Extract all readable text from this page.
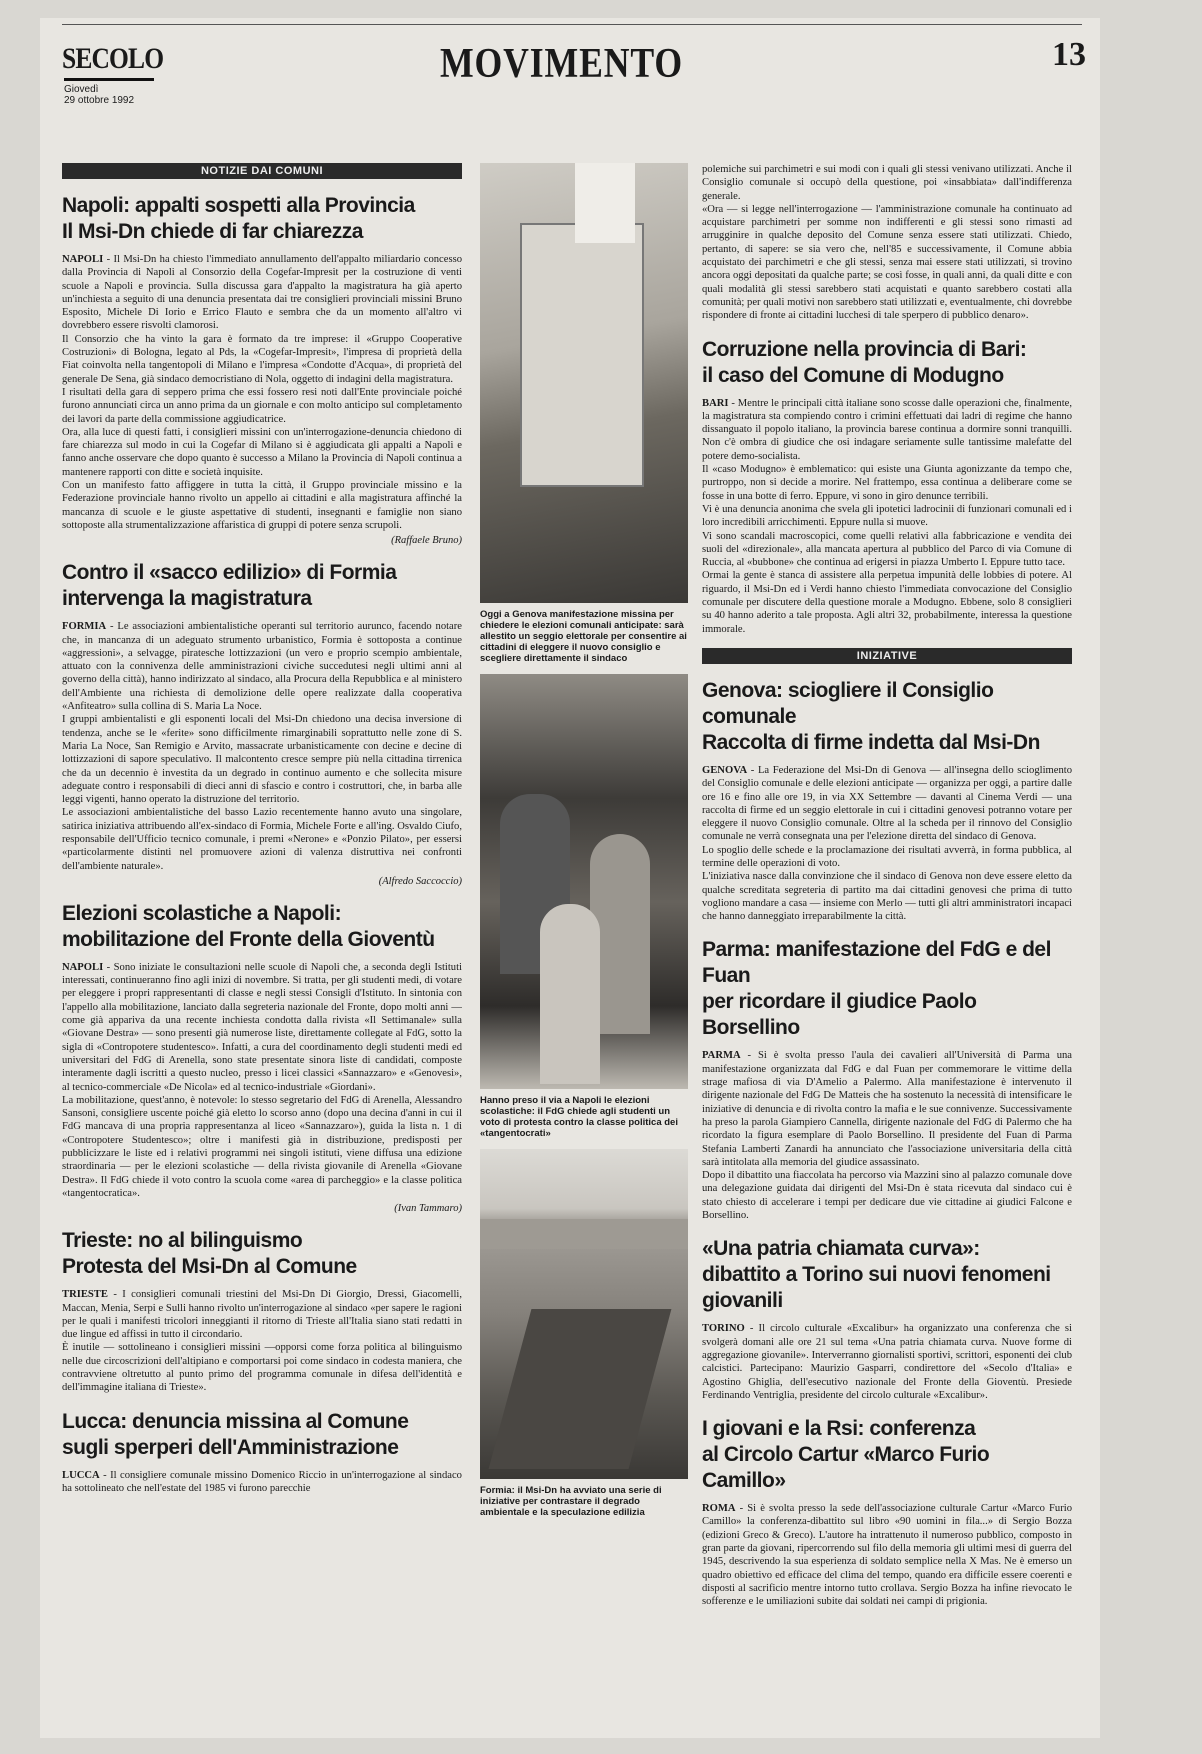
SECOLO
Giovedì
29 ottobre 1992
MOVIMENTO	13
NOTIZIE DAI COMUNI
Napoli: appalti sospetti alla Provincia
Il Msi-Dn chiede di far chiarezza

NAPOLI - Il Msi-Dn ha chiesto l'immediato annullamento dell'appalto miliardario concesso dalla Provincia di Napoli al Consorzio della Cogefar-Impresit per la costruzione di venti scuole a Napoli e provincia. Sulla discussa gara d'appalto la magistratura ha già aperto un'inchiesta a seguito di una denuncia presentata dai tre consiglieri provinciali missini Bruno Esposito, Michele Di Iorio e Errico Flauto e sembra che da un momento all'altro vi dovrebbero essere risvolti clamorosi.

Il Consorzio che ha vinto la gara è formato da tre imprese: il «Gruppo Cooperative Costruzioni» di Bologna, legato al Pds, la «Cogefar-Impresit», l'impresa di proprietà della Fiat coinvolta nella tangentopoli di Milano e l'impresa «Condotte d'Acqua», di proprietà del generale De Sena, già sindaco democristiano di Nola, oggetto di indagini della magistratura.

I risultati della gara di seppero prima che essi fossero resi noti dall'Ente provinciale poiché furono annunciati circa un anno prima da un giornale e con molto anticipo sul completamento dei lavori da parte della commissione aggiudicatrice.

Ora, alla luce di questi fatti, i consiglieri missini con un'interrogazione-denuncia chiedono di fare chiarezza sul modo in cui la Cogefar di Milano si è aggiudicata gli appalti a Napoli e fanno anche osservare che dopo quanto è successo a Milano la Provincia di Napoli continua a mantenere rapporti con ditte e società inquisite.

Con un manifesto fatto affiggere in tutta la città, il Gruppo provinciale missino e la Federazione provinciale hanno rivolto un appello ai cittadini e alla magistratura affinché la mancanza di scuole e le giuste aspettative di studenti, insegnanti e famiglie non siano sottoposte alla strumentalizzazione affaristica di gruppi di potere senza scrupoli.

(Raffaele Bruno)
Contro il «sacco edilizio» di Formia
intervenga la magistratura

FORMIA - Le associazioni ambientalistiche operanti sul territorio aurunco, facendo notare che, in mancanza di un adeguato strumento urbanistico, Formia è sottoposta a continue «aggressioni», a selvagge, piratesche lottizzazioni (un vero e proprio scempio ambientale, attuato con la connivenza delle amministrazioni civiche succedutesi negli ultimi anni al governo della città), hanno indirizzato al sindaco, alla Procura della Repubblica e al ministero dell'Ambiente una richiesta di demolizione delle opere realizzate dalla cooperativa «Anfiteatro» sulla collina di S. Maria La Noce.

I gruppi ambientalisti e gli esponenti locali del Msi-Dn chiedono una decisa inversione di tendenza, anche se le «ferite» sono difficilmente rimarginabili soprattutto nelle zone di S. Maria La Noce, San Remigio e Arvito, massacrate urbanisticamente con decine e decine di lottizzazioni di sapore speculativo. Il malcontento cresce sempre più nella cittadina tirrenica che da un decennio è investita da un degrado in continuo aumento e che sollecita misure adeguate contro i responsabili di dieci anni di sfascio e contro i costruttori, che, in barba alle leggi vigenti, hanno operato la distruzione del territorio.

Le associazioni ambientalistiche del basso Lazio recentemente hanno avuto una singolare, satirica iniziativa attribuendo all'ex-sindaco di Formia, Michele Forte e all'ing. Osvaldo Ciufo, responsabile dell'Ufficio tecnico comunale, i premi «Nerone» e «Ponzio Pilato», per essersi «particolarmente distinti nel promuovere azioni di valenza distruttiva nei confronti dell'ambiente naturale».

(Alfredo Saccoccio)
Elezioni scolastiche a Napoli:
mobilitazione del Fronte della Gioventù

NAPOLI - Sono iniziate le consultazioni nelle scuole di Napoli che, a seconda degli Istituti interessati, continueranno fino agli inizi di novembre. Si tratta, per gli studenti medi, di votare per eleggere i propri rappresentanti di classe e negli stessi Consigli d'Istituto. In sintonia con l'appello alla mobilitazione, lanciato dalla segreteria nazionale del Fronte, dopo molti anni — come già appariva da una recente inchiesta condotta dalla rivista «Il Settimanale» sulla «Giovane Destra» — sono presenti già numerose liste, direttamente collegate al FdG, sotto la sigla di «Contropotere studentesco». Infatti, a cura del coordinamento degli studenti medi ed universitari del FdG di Arenella, sono state presentate sinora liste di candidati, composte interamente dagli iscritti a questo nucleo, presso i licei classici «Sannazzaro» e «Genovesi», al tecnico-commerciale «De Nicola» ed al tecnico-industriale «Giordani».

La mobilitazione, quest'anno, è notevole: lo stesso segretario del FdG di Arenella, Alessandro Sansoni, consigliere uscente poiché già eletto lo scorso anno (dopo una decina d'anni in cui il FdG mancava di una propria rappresentanza al liceo «Sannazzaro»), guida la lista n. 1 di «Contropotere Studentesco»; oltre i manifesti già in distribuzione, predisposti per pubblicizzare le liste ed i relativi programmi nei singoli istituti, viene diffusa una edizione straordinaria — per le elezioni scolastiche — della rivista giovanile di Arenella «Giovane Destra». Il FdG chiede il voto contro la scuola come «area di parcheggio» e la classe politica «tangentocratica».

(Ivan Tammaro)
Trieste: no al bilinguismo
Protesta del Msi-Dn al Comune

TRIESTE - I consiglieri comunali triestini del Msi-Dn Di Giorgio, Dressi, Giacomelli, Maccan, Menia, Serpi e Sulli hanno rivolto un'interrogazione al sindaco «per sapere le ragioni per le quali i manifesti tricolori inneggianti il ritorno di Trieste all'Italia siano stati redatti in due lingue ed affissi in tutto il circondario.

È inutile — sottolineano i consiglieri missini —opporsi come forza politica al bilinguismo nelle due circoscrizioni dell'altipiano e comportarsi poi come sindaco in codesta maniera, che contravviene oltretutto al punto primo del programma comunale in difesa dell'identità e dell'immagine italiana di Trieste».

Lucca: denuncia missina al Comune
sugli sperperi dell'Amministrazione

LUCCA - Il consigliere comunale missino Domenico Riccio in un'interrogazione al sindaco ha sottolineato che nell'estate del 1985 vi furono parecchie

Oggi a Genova manifestazione missina per chiedere le elezioni comunali anticipate: sarà allestito un seggio elettorale per consentire ai cittadini di eleggere il nuovo consiglio e scegliere direttamente il sindaco
Hanno preso il via a Napoli le elezioni scolastiche: il FdG chiede agli studenti un voto di protesta contro la classe politica dei «tangentocrati»
Formia: il Msi-Dn ha avviato una serie di iniziative per contrastare il degrado ambientale e la speculazione edilizia

polemiche sui parchimetri e sui modi con i quali gli stessi venivano utilizzati. Anche il Consiglio comunale si occupò della questione, poi «insabbiata» dall'indifferenza generale.

«Ora — si legge nell'interrogazione — l'amministrazione comunale ha continuato ad acquistare parchimetri per somme non indifferenti e gli stessi sono rimasti ad arrugginire in qualche deposito del Comune senza essere stati utilizzati. Chiedo, pertanto, di sapere: se sia vero che, nell'85 e successivamente, il Comune abbia acquistato dei parchimetri e che gli stessi, senza mai essere stati utilizzati, si trovino ancora oggi depositati da qualche parte; se così fosse, in quali anni, da quali ditte e con quali modalità gli stessi sarebbero stati acquistati e quanto sarebbero costati alla comunità; per quali motivi non sarebbero stati utilizzati e, eventualmente, chi dovrebbe rispondere di fronte ai cittadini lucchesi di tale sperpero di pubblico denaro».

Corruzione nella provincia di Bari:
il caso del Comune di Modugno

BARI - Mentre le principali città italiane sono scosse dalle operazioni che, finalmente, la magistratura sta compiendo contro i crimini effettuati dai ladri di regime che hanno dissanguato il popolo italiano, la provincia barese continua a dormire sonni tranquilli. Non c'è ombra di giudice che osi indagare seriamente sulle tantissime malefatte del potere demo-socialista.

Il «caso Modugno» è emblematico: qui esiste una Giunta agonizzante da tempo che, purtroppo, non si decide a morire. Nel frattempo, essa continua a deliberare come se fosse in una botte di ferro. Eppure, vi sono in giro denunce terribili.

Vi è una denuncia anonima che svela gli ipotetici ladrocinii di funzionari comunali ed i loro incredibili arricchimenti. Eppure nulla si muove.

Vi sono scandali macroscopici, come quelli relativi alla fabbricazione e vendita dei suoli del «direzionale», alla mancata apertura al pubblico del Parco di via Comune di Ruccia, al «bubbone» che continua ad erigersi in piazza Umberto I. Eppure tutto tace.

Ormai la gente è stanca di assistere alla perpetua impunità delle lobbies di potere. Al riguardo, il Msi-Dn ed i Verdi hanno chiesto l'immediata convocazione del Consiglio comunale per discutere della questione morale a Modugno. Ebbene, solo 8 consiglieri su 40 hanno aderito a tale proposta. Agli altri 32, probabilmente, interessa la questione immorale.

INIZIATIVE
Genova: sciogliere il Consiglio comunale
Raccolta di firme indetta dal Msi-Dn

GENOVA - La Federazione del Msi-Dn di Genova — all'insegna dello scioglimento del Consiglio comunale e delle elezioni anticipate — organizza per oggi, a partire dalle ore 16 e fino alle ore 19, in via XX Settembre — davanti al Cinema Verdi — una raccolta di firme ed un seggio elettorale in cui i cittadini genovesi potranno votare per eleggere il nuovo Consiglio comunale. Oltre al la scheda per il rinnovo del Consiglio comunale ne verrà consegnata una per l'elezione diretta del sindaco di Genova.

Lo spoglio delle schede e la proclamazione dei risultati avverrà, in forma pubblica, al termine delle operazioni di voto.

L'iniziativa nasce dalla convinzione che il sindaco di Genova non deve essere eletto da qualche screditata segreteria di partito ma dai cittadini genovesi che prima di tutto vogliono mandare a casa — insieme con Merlo — tutti gli altri amministratori incapaci che hanno danneggiato irreparabilmente la città.

Parma: manifestazione del FdG e del Fuan
per ricordare il giudice Paolo Borsellino

PARMA - Si è svolta presso l'aula dei cavalieri all'Università di Parma una manifestazione organizzata dal FdG e dal Fuan per commemorare le vittime della strage mafiosa di via D'Amelio a Palermo. Alla manifestazione è intervenuto il dirigente nazionale del FdG De Matteis che ha sostenuto la necessità di intensificare le iniziative di denuncia e di rivolta contro la mafia e le sue connivenze. Successivamente ha preso la parola Giampiero Cannella, dirigente nazionale del FdG di Palermo che ha ricordato la figura esemplare di Paolo Borsellino. Il presidente del Fuan di Parma Stefania Lamberti Zanardi ha annunciato che l'associazione universitaria della città sarà intitolata alla memoria del giudice assassinato.

Dopo il dibattito una fiaccolata ha percorso via Mazzini sino al palazzo comunale dove una delegazione guidata dai dirigenti del Msi-Dn è stata ricevuta dal sindaco cui è stato chiesto di accelerare i tempi per dedicare due vie cittadine ai giudici Falcone e Borsellino.

«Una patria chiamata curva»:
dibattito a Torino sui nuovi fenomeni giovanili

TORINO - Il circolo culturale «Excalibur» ha organizzato una conferenza che si svolgerà domani alle ore 21 sul tema «Una patria chiamata curva. Nuove forme di aggregazione giovanile». Interverranno giornalisti sportivi, scrittori, esponenti dei club calcistici. Partecipano: Maurizio Gasparri, condirettore del «Secolo d'Italia» e Agostino Ghiglia, dell'esecutivo nazionale del Fronte della Gioventù. Presiede Ferdinando Ventriglia, presidente del circolo culturale «Excalibur».

I giovani e la Rsi: conferenza
al Circolo Cartur «Marco Furio Camillo»

ROMA - Si è svolta presso la sede dell'associazione culturale Cartur «Marco Furio Camillo» la conferenza-dibattito sul libro «90 uomini in fila...» di Sergio Bozza (edizioni Greco & Greco). L'autore ha intrattenuto il numeroso pubblico, composto in gran parte da giovani, ripercorrendo sul filo della memoria gli ultimi mesi di guerra del 1945, descrivendo la sua esperienza di soldato semplice nella X Mas. Ne è emerso un quadro obiettivo ed efficace del clima del tempo, quando era difficile essere coerenti e disposti al sacrificio mentre intorno tutto crollava. Sergio Bozza ha infine rievocato le sofferenze e le umiliazioni subite dai soldati nei campi di prigionia.
